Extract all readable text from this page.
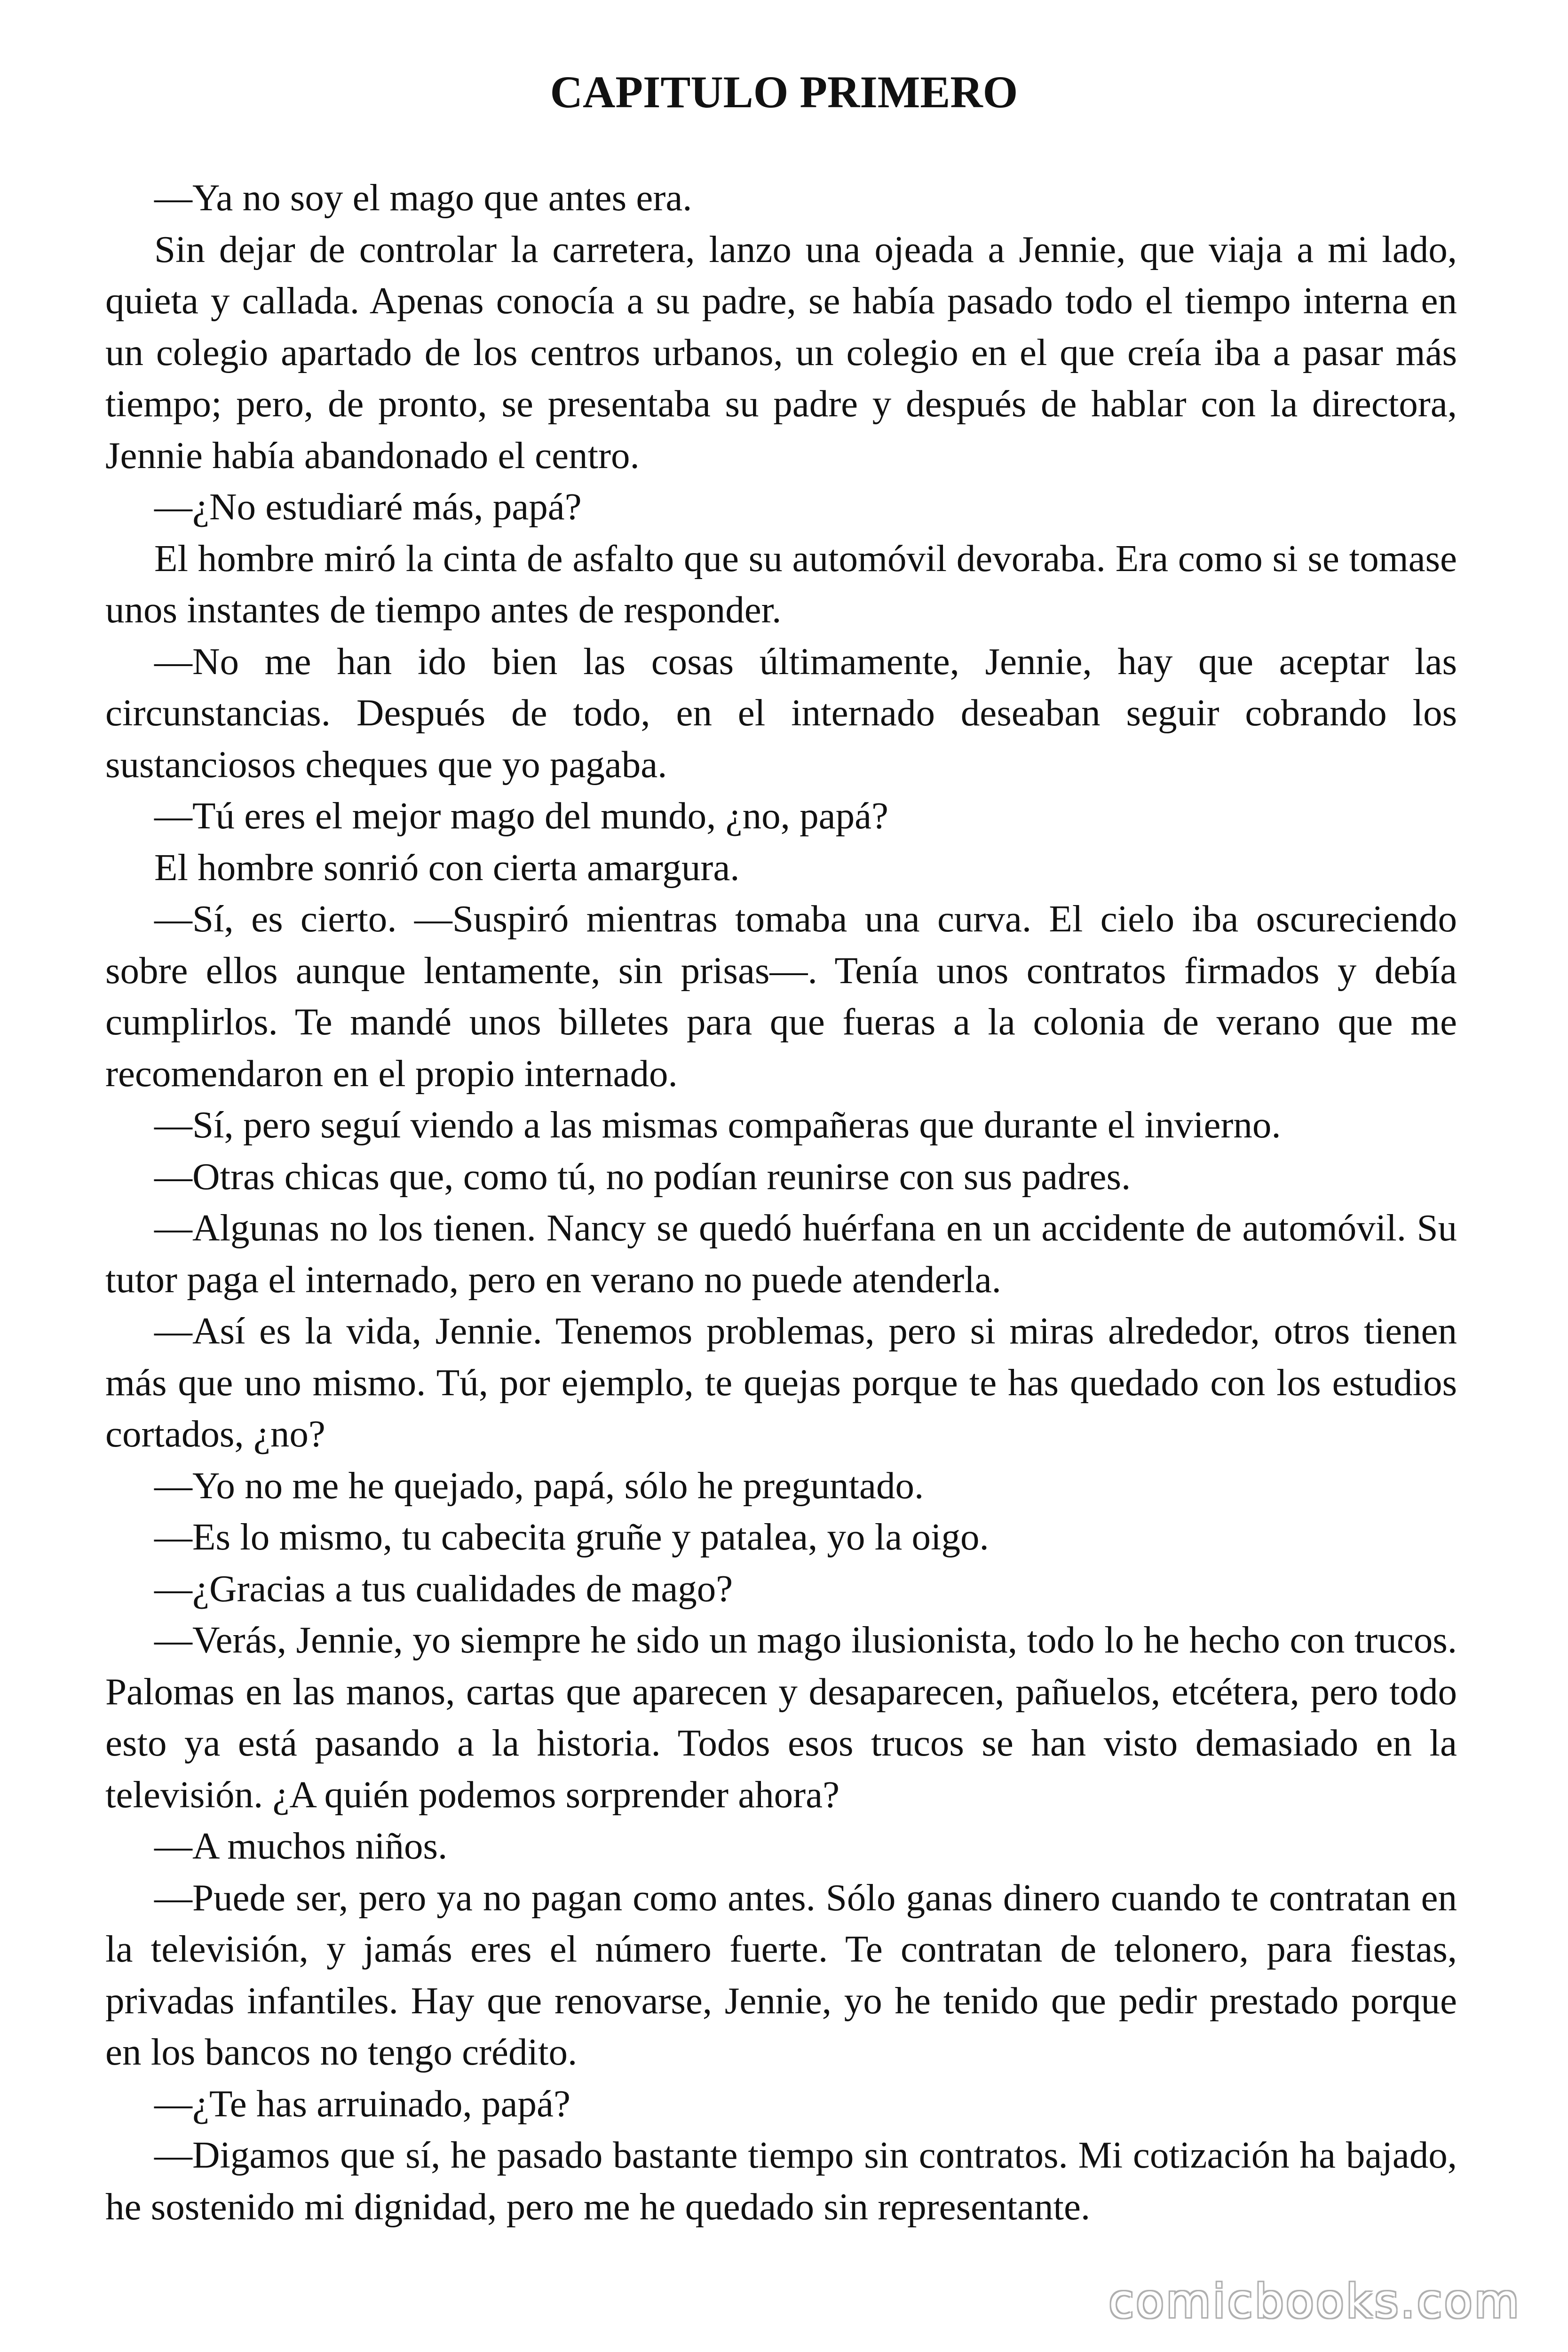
CAPITULO PRIMERO

—Ya no soy el mago que antes era.

Sin dejar de controlar la carretera, lanzo una ojeada a Jennie, que viaja a mi lado, quieta y callada. Apenas conocía a su padre, se había pasado todo el tiempo interna en un colegio apartado de los centros urbanos, un colegio en el que creía iba a pasar más tiempo; pero, de pronto, se presentaba su padre y después de hablar con la directora, Jennie había abandonado el centro.

—¿No estudiaré más, papá?

El hombre miró la cinta de asfalto que su automóvil devoraba. Era como si se tomase unos instantes de tiempo antes de responder.

—No me han ido bien las cosas últimamente, Jennie, hay que aceptar las circunstancias. Después de todo, en el internado deseaban seguir cobrando los sustanciosos cheques que yo pagaba.

—Tú eres el mejor mago del mundo, ¿no, papá?

El hombre sonrió con cierta amargura.

—Sí, es cierto. —Suspiró mientras tomaba una curva. El cielo iba oscureciendo sobre ellos aunque lentamente, sin prisas—. Tenía unos contratos firmados y debía cumplirlos. Te mandé unos billetes para que fueras a la colonia de verano que me recomendaron en el propio internado.

—Sí, pero seguí viendo a las mismas compañeras que durante el invierno.

—Otras chicas que, como tú, no podían reunirse con sus padres.

—Algunas no los tienen. Nancy se quedó huérfana en un accidente de automóvil. Su tutor paga el internado, pero en verano no puede atenderla.

—Así es la vida, Jennie. Tenemos problemas, pero si miras alrededor, otros tienen más que uno mismo. Tú, por ejemplo, te quejas porque te has quedado con los estudios cortados, ¿no?

—Yo no me he quejado, papá, sólo he preguntado.

—Es lo mismo, tu cabecita gruñe y patalea, yo la oigo.

—¿Gracias a tus cualidades de mago?

—Verás, Jennie, yo siempre he sido un mago ilusionista, todo lo he hecho con trucos. Palomas en las manos, cartas que aparecen y desaparecen, pañuelos, etcétera, pero todo esto ya está pasando a la historia. Todos esos trucos se han visto demasiado en la televisión. ¿A quién podemos sorprender ahora?

—A muchos niños.

—Puede ser, pero ya no pagan como antes. Sólo ganas dinero cuando te contratan en la televisión, y jamás eres el número fuerte. Te contratan de telonero, para fiestas, privadas infantiles. Hay que renovarse, Jennie, yo he tenido que pedir prestado porque en los bancos no tengo crédito.

—¿Te has arruinado, papá?

—Digamos que sí, he pasado bastante tiempo sin contratos. Mi cotización ha bajado, he sostenido mi dignidad, pero me he quedado sin representante.

comicbooks.com
